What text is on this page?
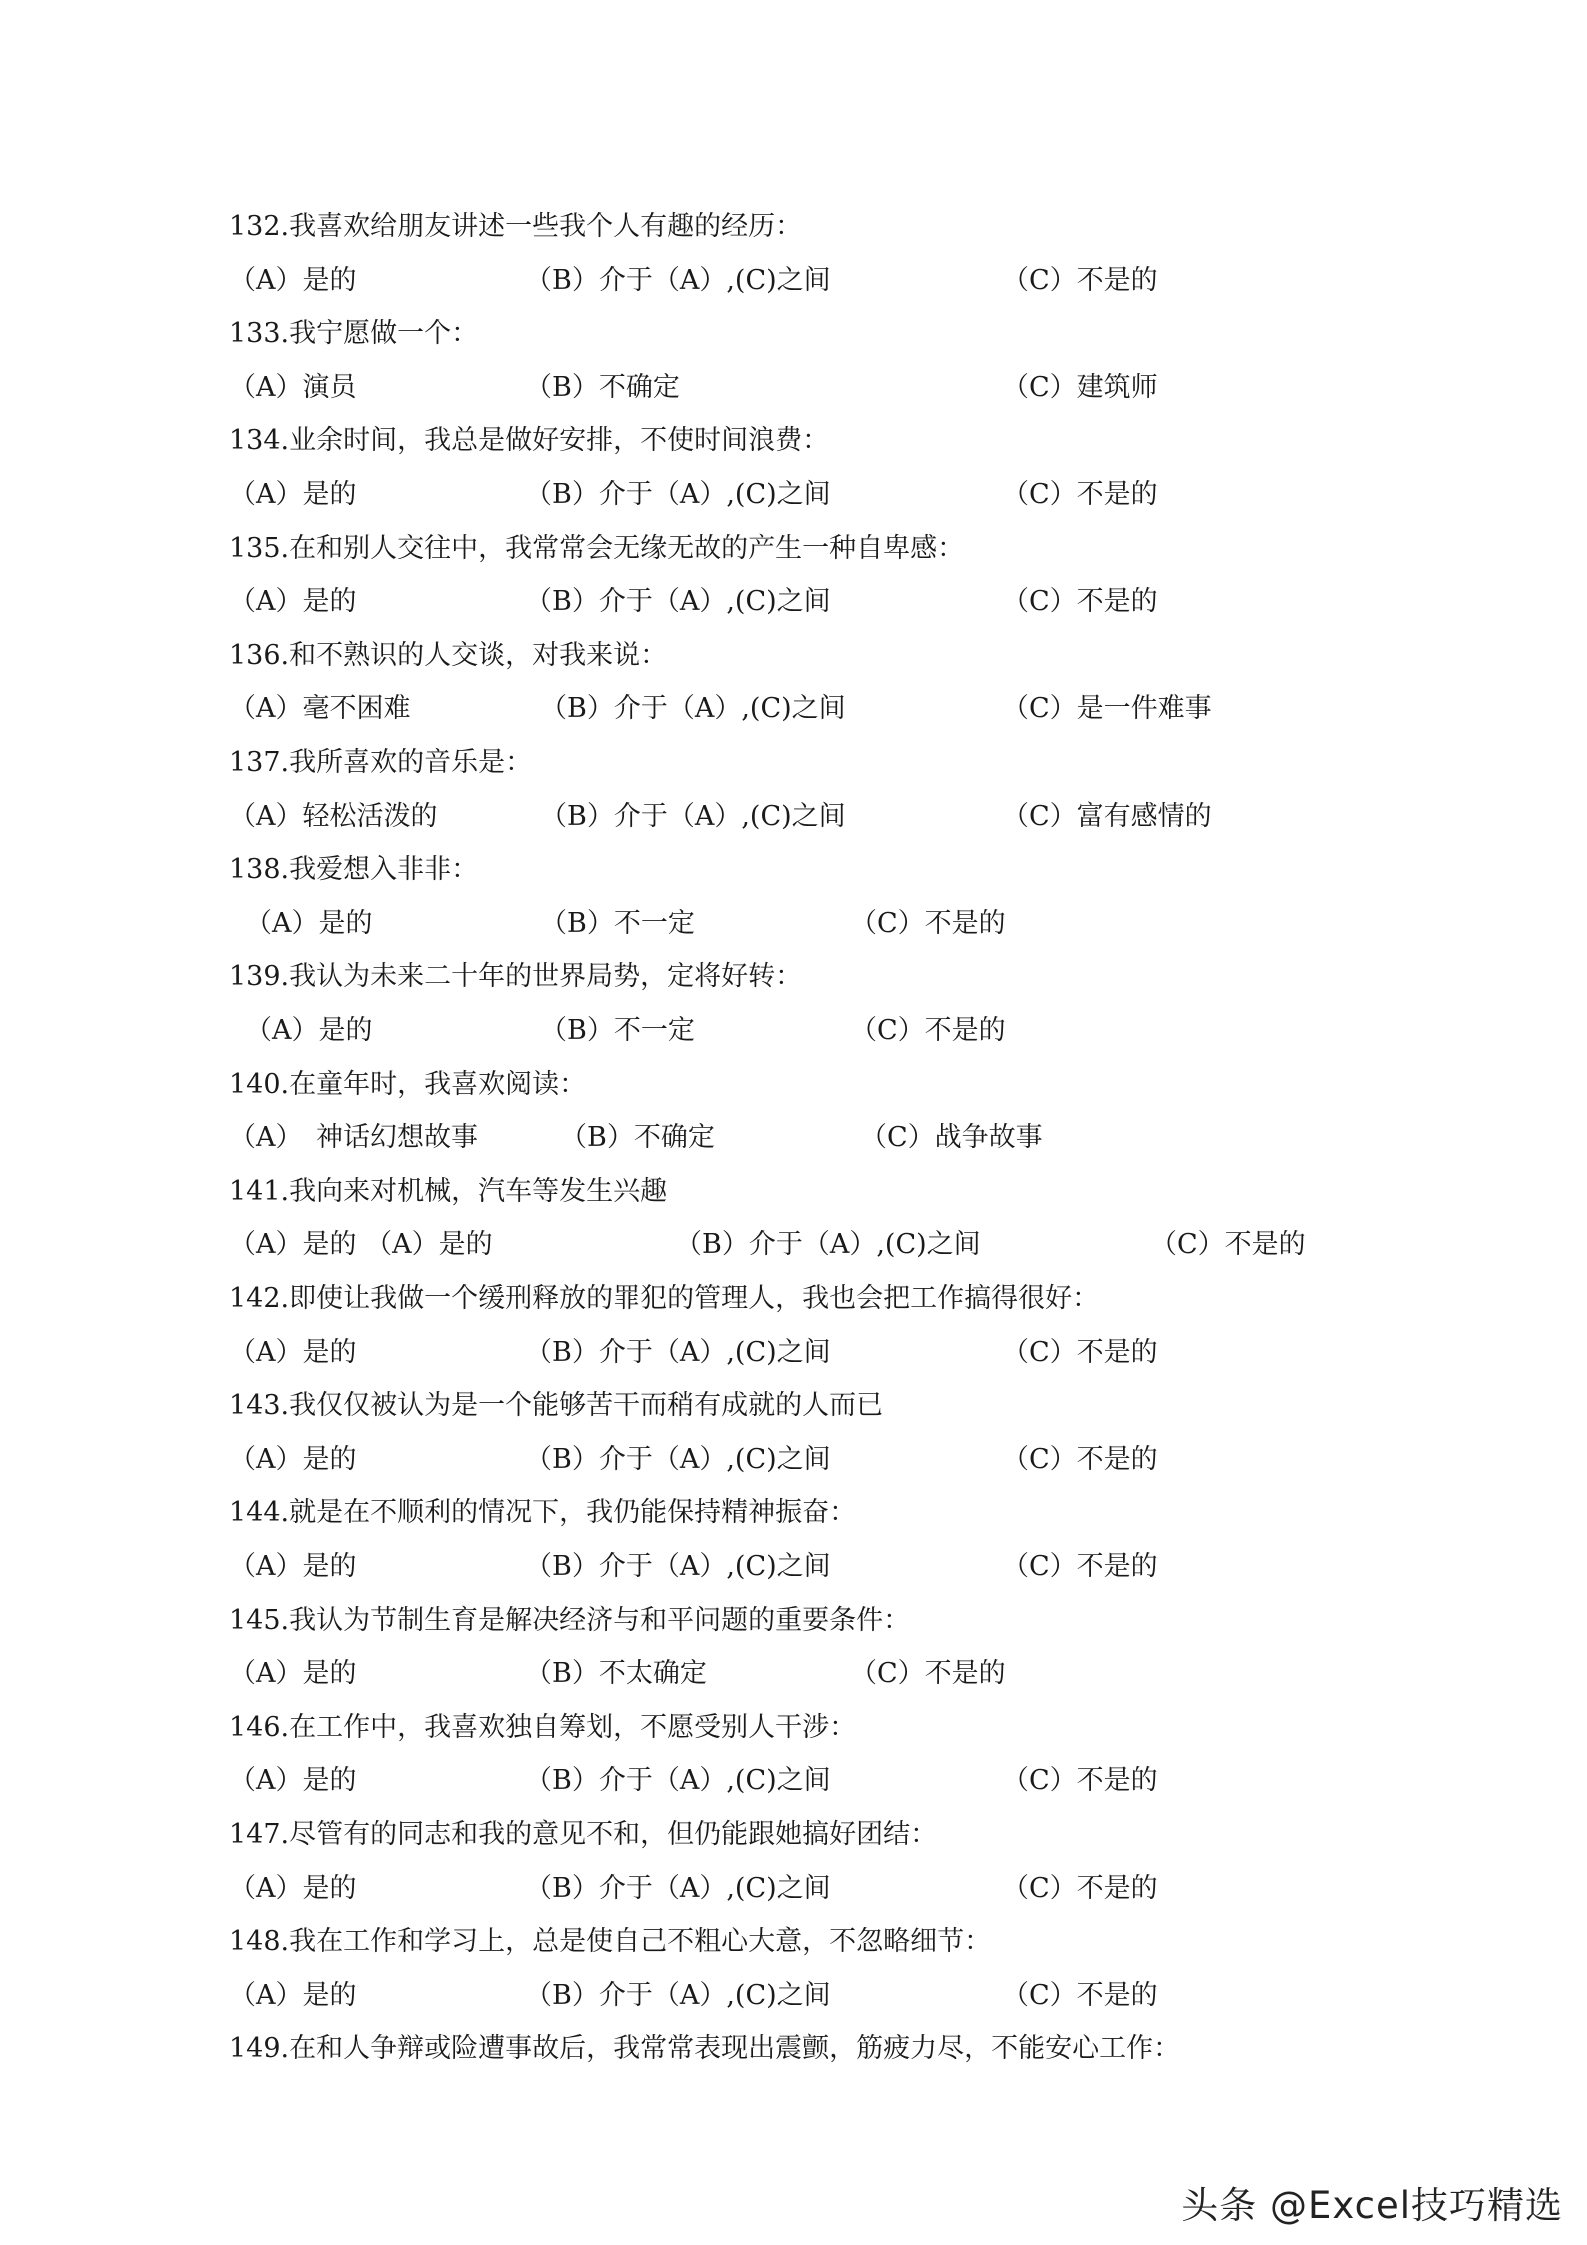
132.我喜欢给朋友讲述一些我个人有趣的经历：
（A）是的	（B）介于（A）,(C)之间	（C）不是的
133.我宁愿做一个：
（A）演员	（B）不确定	（C）建筑师
134.业余时间，我总是做好安排，不使时间浪费：
（A）是的	（B）介于（A）,(C)之间	（C）不是的
135.在和别人交往中，我常常会无缘无故的产生一种自卑感：
（A）是的	（B）介于（A）,(C)之间	（C）不是的
136.和不熟识的人交谈，对我来说：
（A）毫不困难	（B）介于（A）,(C)之间	（C）是一件难事
137.我所喜欢的音乐是：
（A）轻松活泼的	（B）介于（A）,(C)之间	（C）富有感情的
138.我爱想入非非：
（A）是的	（B）不一定	（C）不是的
139.我认为未来二十年的世界局势，定将好转：
（A）是的	（B）不一定	（C）不是的
140.在童年时，我喜欢阅读：
（A）　神话幻想故事	（B）不确定	（C）战争故事
141.我向来对机械，汽车等发生兴趣
（A）是的 （A）是的	（B）介于（A）,(C)之间	（C）不是的
142.即使让我做一个缓刑释放的罪犯的管理人，我也会把工作搞得很好：
（A）是的	（B）介于（A）,(C)之间	（C）不是的
143.我仅仅被认为是一个能够苦干而稍有成就的人而已
（A）是的	（B）介于（A）,(C)之间	（C）不是的
144.就是在不顺利的情况下，我仍能保持精神振奋：
（A）是的	（B）介于（A）,(C)之间	（C）不是的
145.我认为节制生育是解决经济与和平问题的重要条件：
（A）是的	（B）不太确定	（C）不是的
146.在工作中，我喜欢独自筹划，不愿受别人干涉：
（A）是的	（B）介于（A）,(C)之间	（C）不是的
147.尽管有的同志和我的意见不和，但仍能跟她搞好团结：
（A）是的	（B）介于（A）,(C)之间	（C）不是的
148.我在工作和学习上，总是使自己不粗心大意，不忽略细节：
（A）是的	（B）介于（A）,(C)之间	（C）不是的
149.在和人争辩或险遭事故后，我常常表现出震颤，筋疲力尽，不能安心工作：
头条 @Excel技巧精选
